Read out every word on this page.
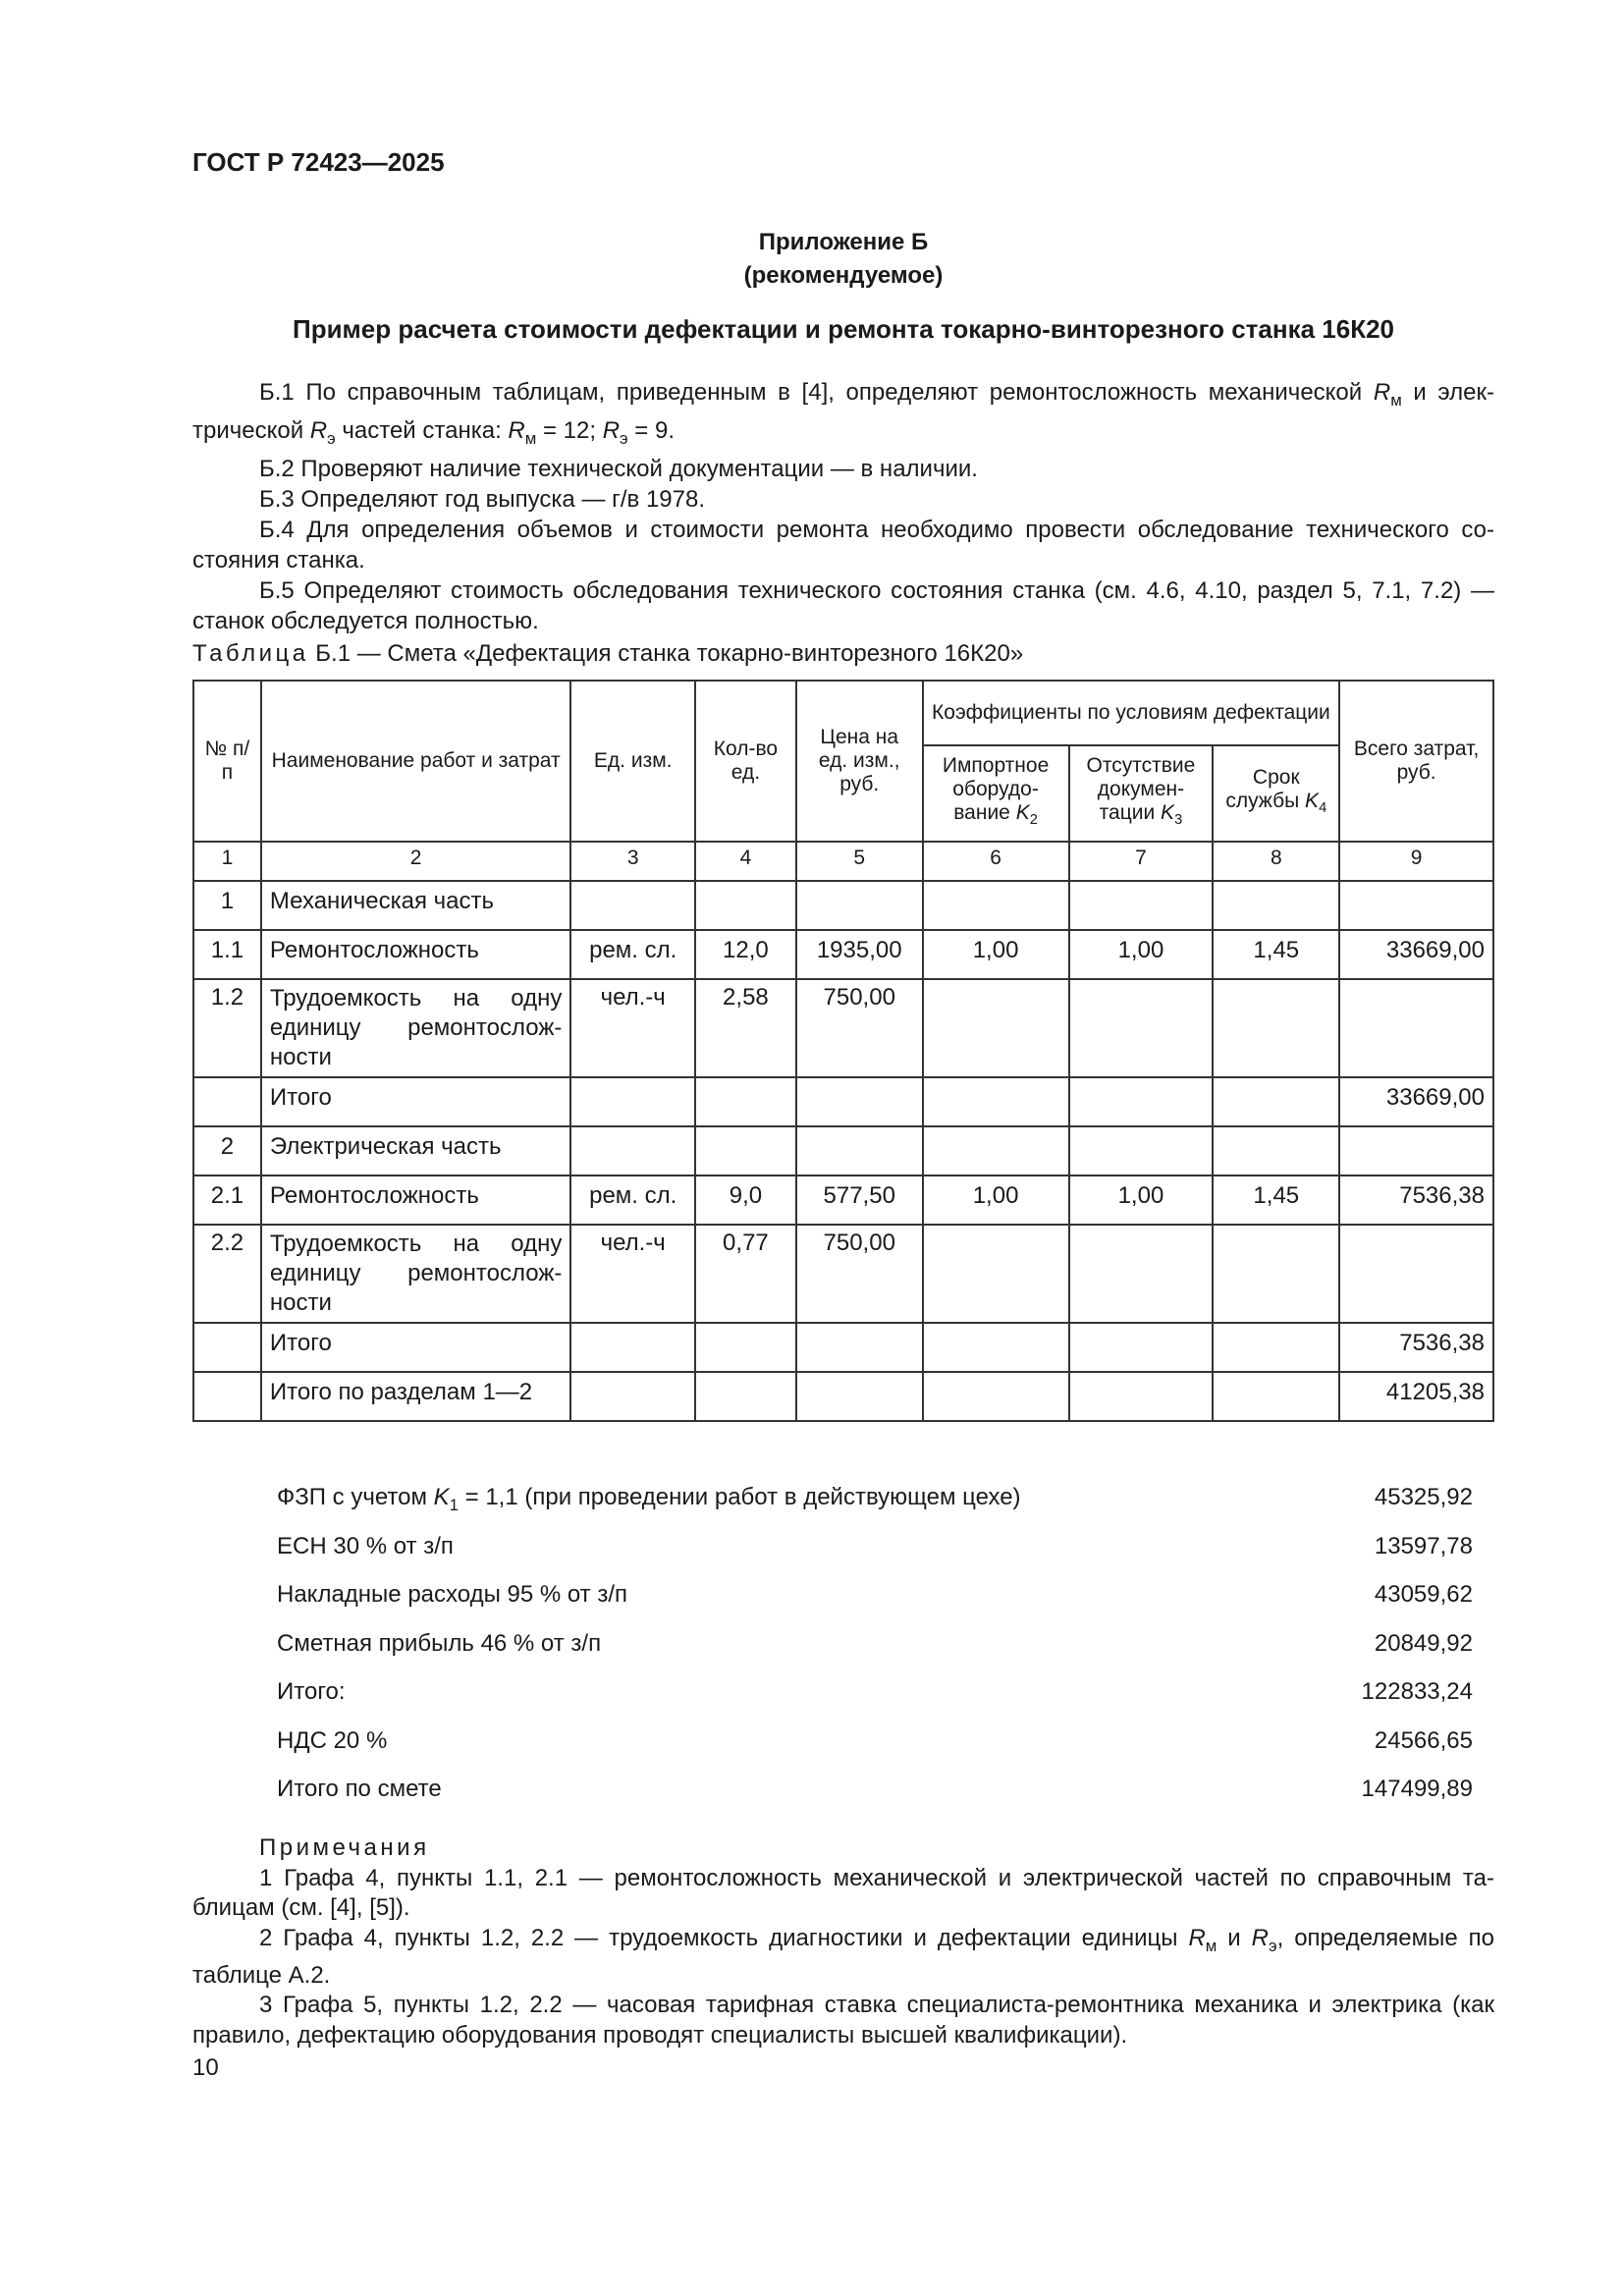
ГОСТ Р 72423—2025
Приложение Б
(рекомендуемое)
Пример расчета стоимости дефектации и ремонта токарно-винторезного станка 16К20

Б.1 По справочным таблицам, приведенным в [4], определяют ремонтосложность механической $R_м$ и электрической $R_э$ частей станка: $R_м = 12$; $R_э = 9$.

Б.2 Проверяют наличие технической документации — в наличии.

Б.3 Определяют год выпуска — г/в 1978.

Б.4 Для определения объемов и стоимости ремонта необходимо провести обследование технического состояния станка.

Б.5 Определяют стоимость обследования технического состояния станка (см. 4.6, 4.10, раздел 5, 7.1, 7.2) — станок обследуется полностью.

Таблица Б.1 — Смета «Дефектация станка токарно-винторезного 16К20»
№ п/п	Наименование работ и затрат	Ед. изм.	Кол-во ед.	Цена на ед. изм., руб.	Коэффициенты по условиям дефектации			Всего затрат, руб.
					Импортное оборудование $K_2$	Отсутствие документации $K_3$	Срок службы $K_4$
1	2	3	4	5	6	7	8	9
1	Механическая часть							
1.1	Ремонтосложность	рем. сл.	12,0	1935,00	1,00	1,00	1,45	33669,00
1.2	Трудоемкость на одну единицу ремонтосложности	чел.-ч	2,58	750,00				
	Итого							33669,00
2	Электрическая часть							
2.1	Ремонтосложность	рем. сл.	9,0	577,50	1,00	1,00	1,45	7536,38
2.2	Трудоемкость на одну единицу ремонтосложности	чел.-ч	0,77	750,00				
	Итого							7536,38
	Итого по разделам 1—2							41205,38
ФЗП с учетом $K_1 = 1,1$ (при проведении работ в действующем цехе)	45325,92
ЕСН 30 % от з/п	13597,78
Накладные расходы 95 % от з/п	43059,62
Сметная прибыль 46 % от з/п	20849,92
Итого:	122833,24
НДС 20 %	24566,65
Итого по смете	147499,89

Примечания

1 Графа 4, пункты 1.1, 2.1 — ремонтосложность механической и электрической частей по справочным таблицам (см. [4], [5]).

2 Графа 4, пункты 1.2, 2.2 — трудоемкость диагностики и дефектации единицы $R_м$ и $R_э$, определяемые по таблице А.2.

3 Графа 5, пункты 1.2, 2.2 — часовая тарифная ставка специалиста-ремонтника механика и электрика (как правило, дефектацию оборудования проводят специалисты высшей квалификации).

10
